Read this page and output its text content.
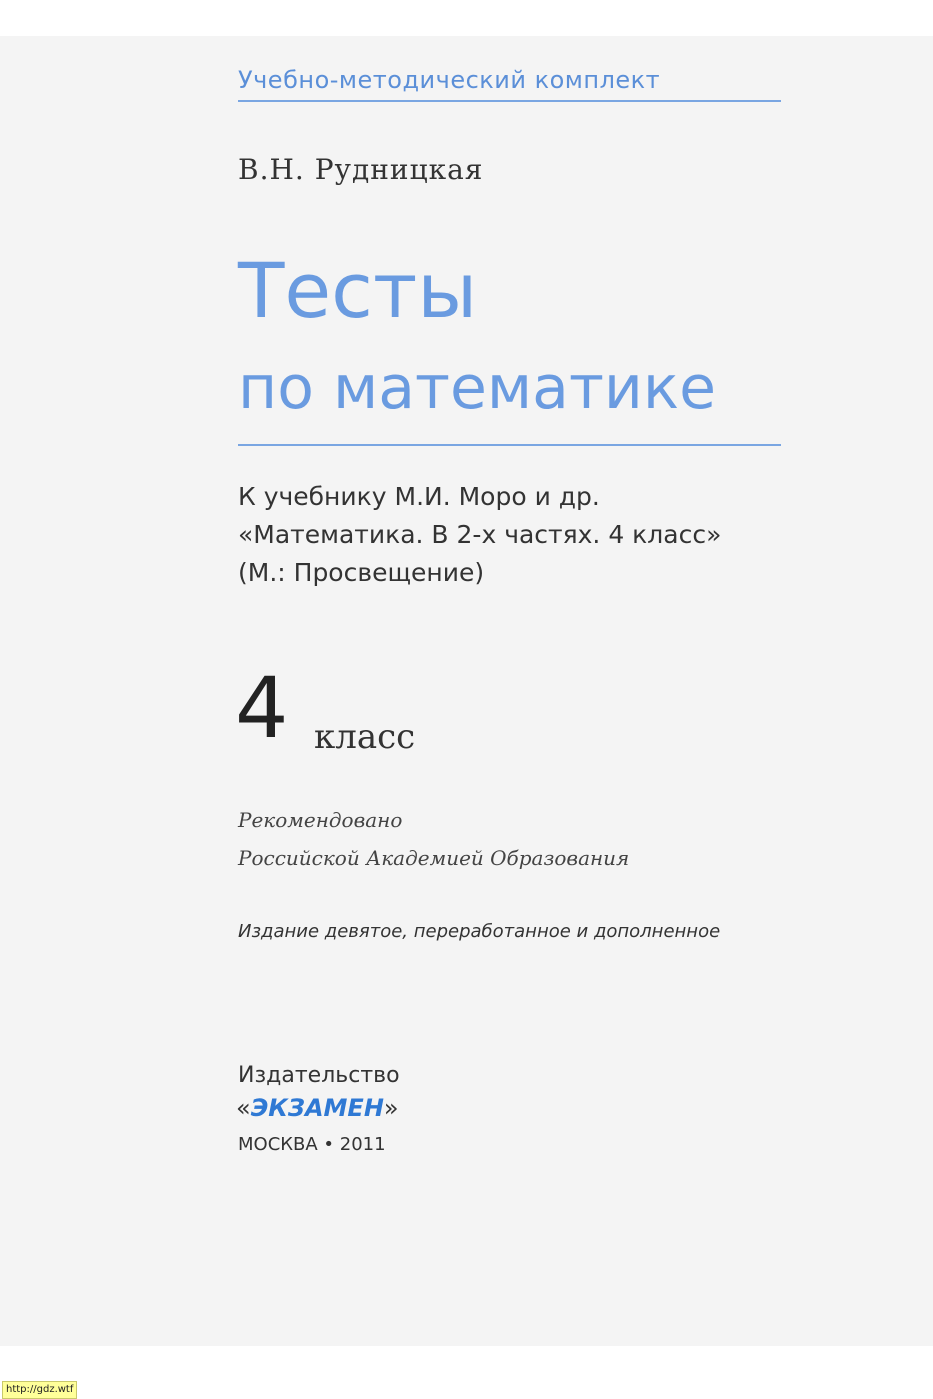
Учебно-методический комплект
В.Н. Рудницкая
Тесты
по математике
К учебнику М.И. Моро и др.
«Математика. В 2-х частях. 4 класс»
(М.: Просвещение)
4 класс
Рекомендовано
Российской Академией Образования
Издание девятое, переработанное и дополненное
Издательство
«ЭКЗАМЕН»
МОСКВА • 2011
http://gdz.wtf
